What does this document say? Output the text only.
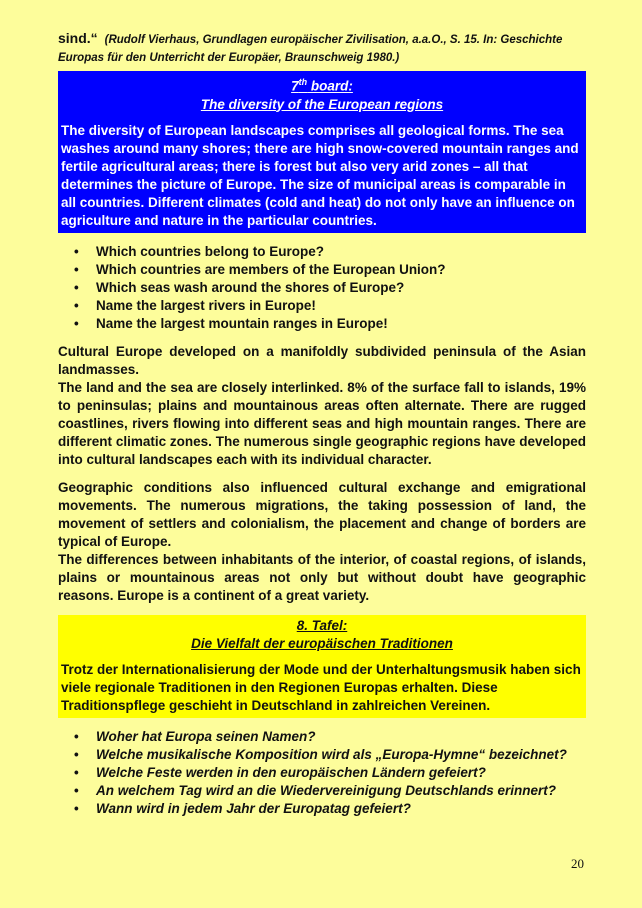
sind.“ (Rudolf Vierhaus, Grundlagen europäischer Zivilisation, a.a.O., S. 15. In: Geschichte Europas für den Unterricht der Europäer, Braunschweig 1980.)

7th board:
The diversity of the European regions
The diversity of European landscapes comprises all geological forms. The sea washes around many shores; there are high snow-covered mountain ranges and fertile agricultural areas; there is forest but also very arid zones – all that determines the picture of Europe. The size of municipal areas is comparable in all countries. Different climates (cold and heat) do not only have an influence on agriculture and nature in the particular countries.
• Which countries belong to Europe?
• Which countries are members of the European Union?
• Which seas wash around the shores of Europe?
• Name the largest rivers in Europe!
• Name the largest mountain ranges in Europe!

Cultural Europe developed on a manifoldly subdivided peninsula of the Asian landmasses.

The land and the sea are closely interlinked. 8% of the surface fall to islands, 19% to peninsulas; plains and mountainous areas often alternate. There are rugged coastlines, rivers flowing into different seas and high mountain ranges. There are different climatic zones. The numerous single geographic regions have developed into cultural landscapes each with its individual character.

Geographic conditions also influenced cultural exchange and emigrational movements. The numerous migrations, the taking possession of land, the movement of settlers and colonialism, the placement and change of borders are typical of Europe.

The differences between inhabitants of the interior, of coastal regions, of islands, plains or mountainous areas not only but without doubt have geographic reasons. Europe is a continent of a great variety.

8. Tafel:
Die Vielfalt der europäischen Traditionen
Trotz der Internationalisierung der Mode und der Unterhaltungsmusik haben sich viele regionale Traditionen in den Regionen Europas erhalten. Diese Traditionspflege geschieht in Deutschland in zahlreichen Vereinen.
• Woher hat Europa seinen Namen?
• Welche musikalische Komposition wird als „Europa-Hymne“ bezeichnet?
• Welche Feste werden in den europäischen Ländern gefeiert?
• An welchem Tag wird an die Wiedervereinigung Deutschlands erinnert?
• Wann wird in jedem Jahr der Europatag gefeiert?
20
